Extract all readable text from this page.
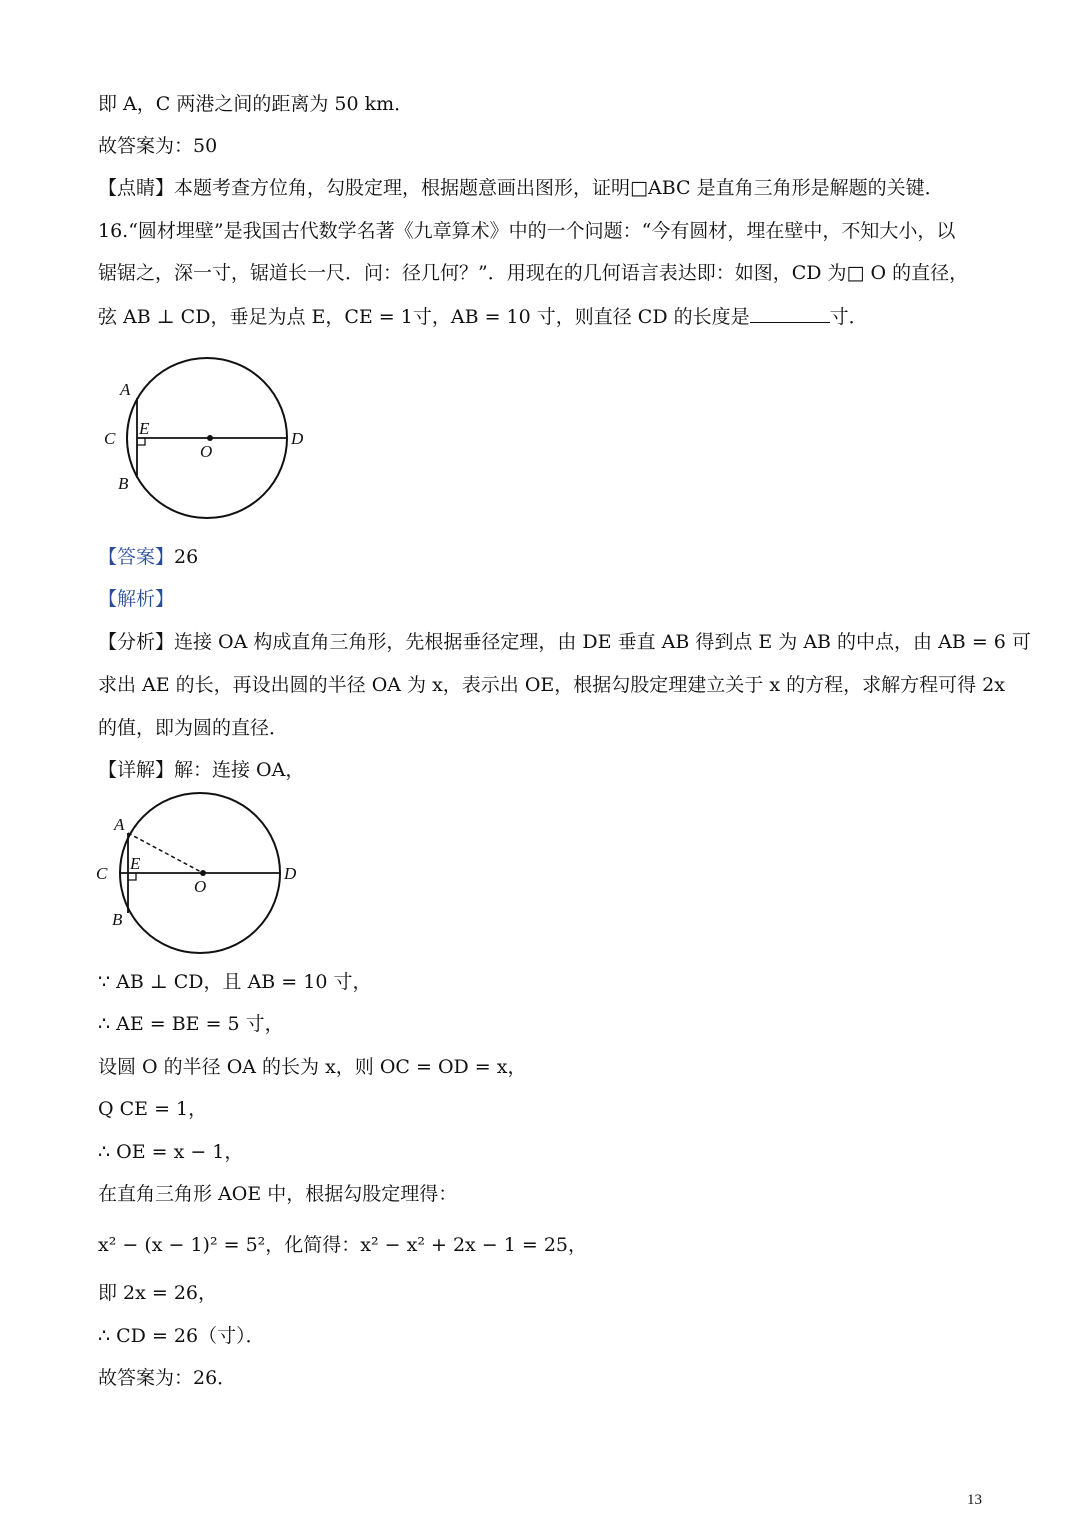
即 A，C 两港之间的距离为 50 km．
故答案为：50
【点睛】本题考查方位角，勾股定理，根据题意画出图形，证明□ABC 是直角三角形是解题的关键．
16.“圆材埋壁”是我国古代数学名著《九章算术》中的一个问题：“今有圆材，埋在壁中，不知大小，以
锯锯之，深一寸，锯道长一尺．问：径几何？”．用现在的几何语言表达即：如图，CD 为□ O 的直径，
弦 AB ⊥ CD，垂足为点 E，CE = 1寸，AB = 10 寸，则直径 CD 的长度是	寸．
A
B
C	D
E
O
【答案】26
【解析】
【分析】连接 OA 构成直角三角形，先根据垂径定理，由 DE 垂直 AB 得到点 E 为 AB 的中点，由 AB = 6 可
求出 AE 的长，再设出圆的半径 OA 为 x，表示出 OE，根据勾股定理建立关于 x 的方程，求解方程可得 2x
的值，即为圆的直径．
【详解】解：连接 OA，
A
B
C	D
E
O
∵ AB ⊥ CD，且 AB = 10 寸，
∴ AE = BE = 5 寸，
设圆 O 的半径 OA 的长为 x，则 OC = OD = x，
Q CE = 1，
∴ OE = x − 1，
在直角三角形 AOE 中，根据勾股定理得：
x² − (x − 1)² = 5²，化简得：x² − x² + 2x − 1 = 25，
即 2x = 26，
∴ CD = 26（寸）．
故答案为：26．
13
